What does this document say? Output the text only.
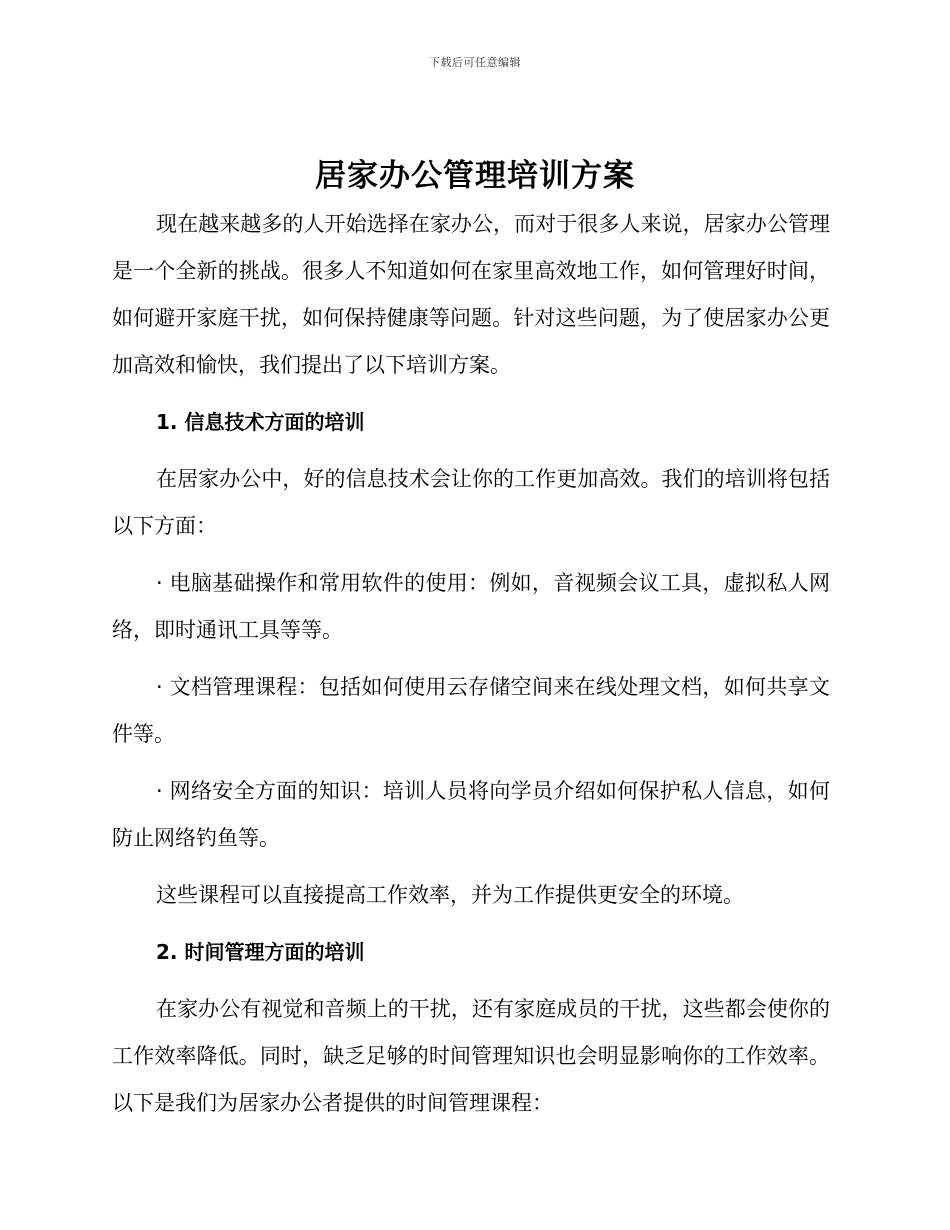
下载后可任意编辑
居家办公管理培训方案

现在越来越多的人开始选择在家办公，而对于很多人来说，居家办公管理是一个全新的挑战。很多人不知道如何在家里高效地工作，如何管理好时间，如何避开家庭干扰，如何保持健康等问题。针对这些问题，为了使居家办公更加高效和愉快，我们提出了以下培训方案。

1. 信息技术方面的培训

在居家办公中，好的信息技术会让你的工作更加高效。我们的培训将包括以下方面：

· 电脑基础操作和常用软件的使用：例如，音视频会议工具，虚拟私人网络，即时通讯工具等等。

· 文档管理课程：包括如何使用云存储空间来在线处理文档，如何共享文件等。

· 网络安全方面的知识：培训人员将向学员介绍如何保护私人信息，如何防止网络钓鱼等。

这些课程可以直接提高工作效率，并为工作提供更安全的环境。

2. 时间管理方面的培训

在家办公有视觉和音频上的干扰，还有家庭成员的干扰，这些都会使你的工作效率降低。同时，缺乏足够的时间管理知识也会明显影响你的工作效率。以下是我们为居家办公者提供的时间管理课程：
